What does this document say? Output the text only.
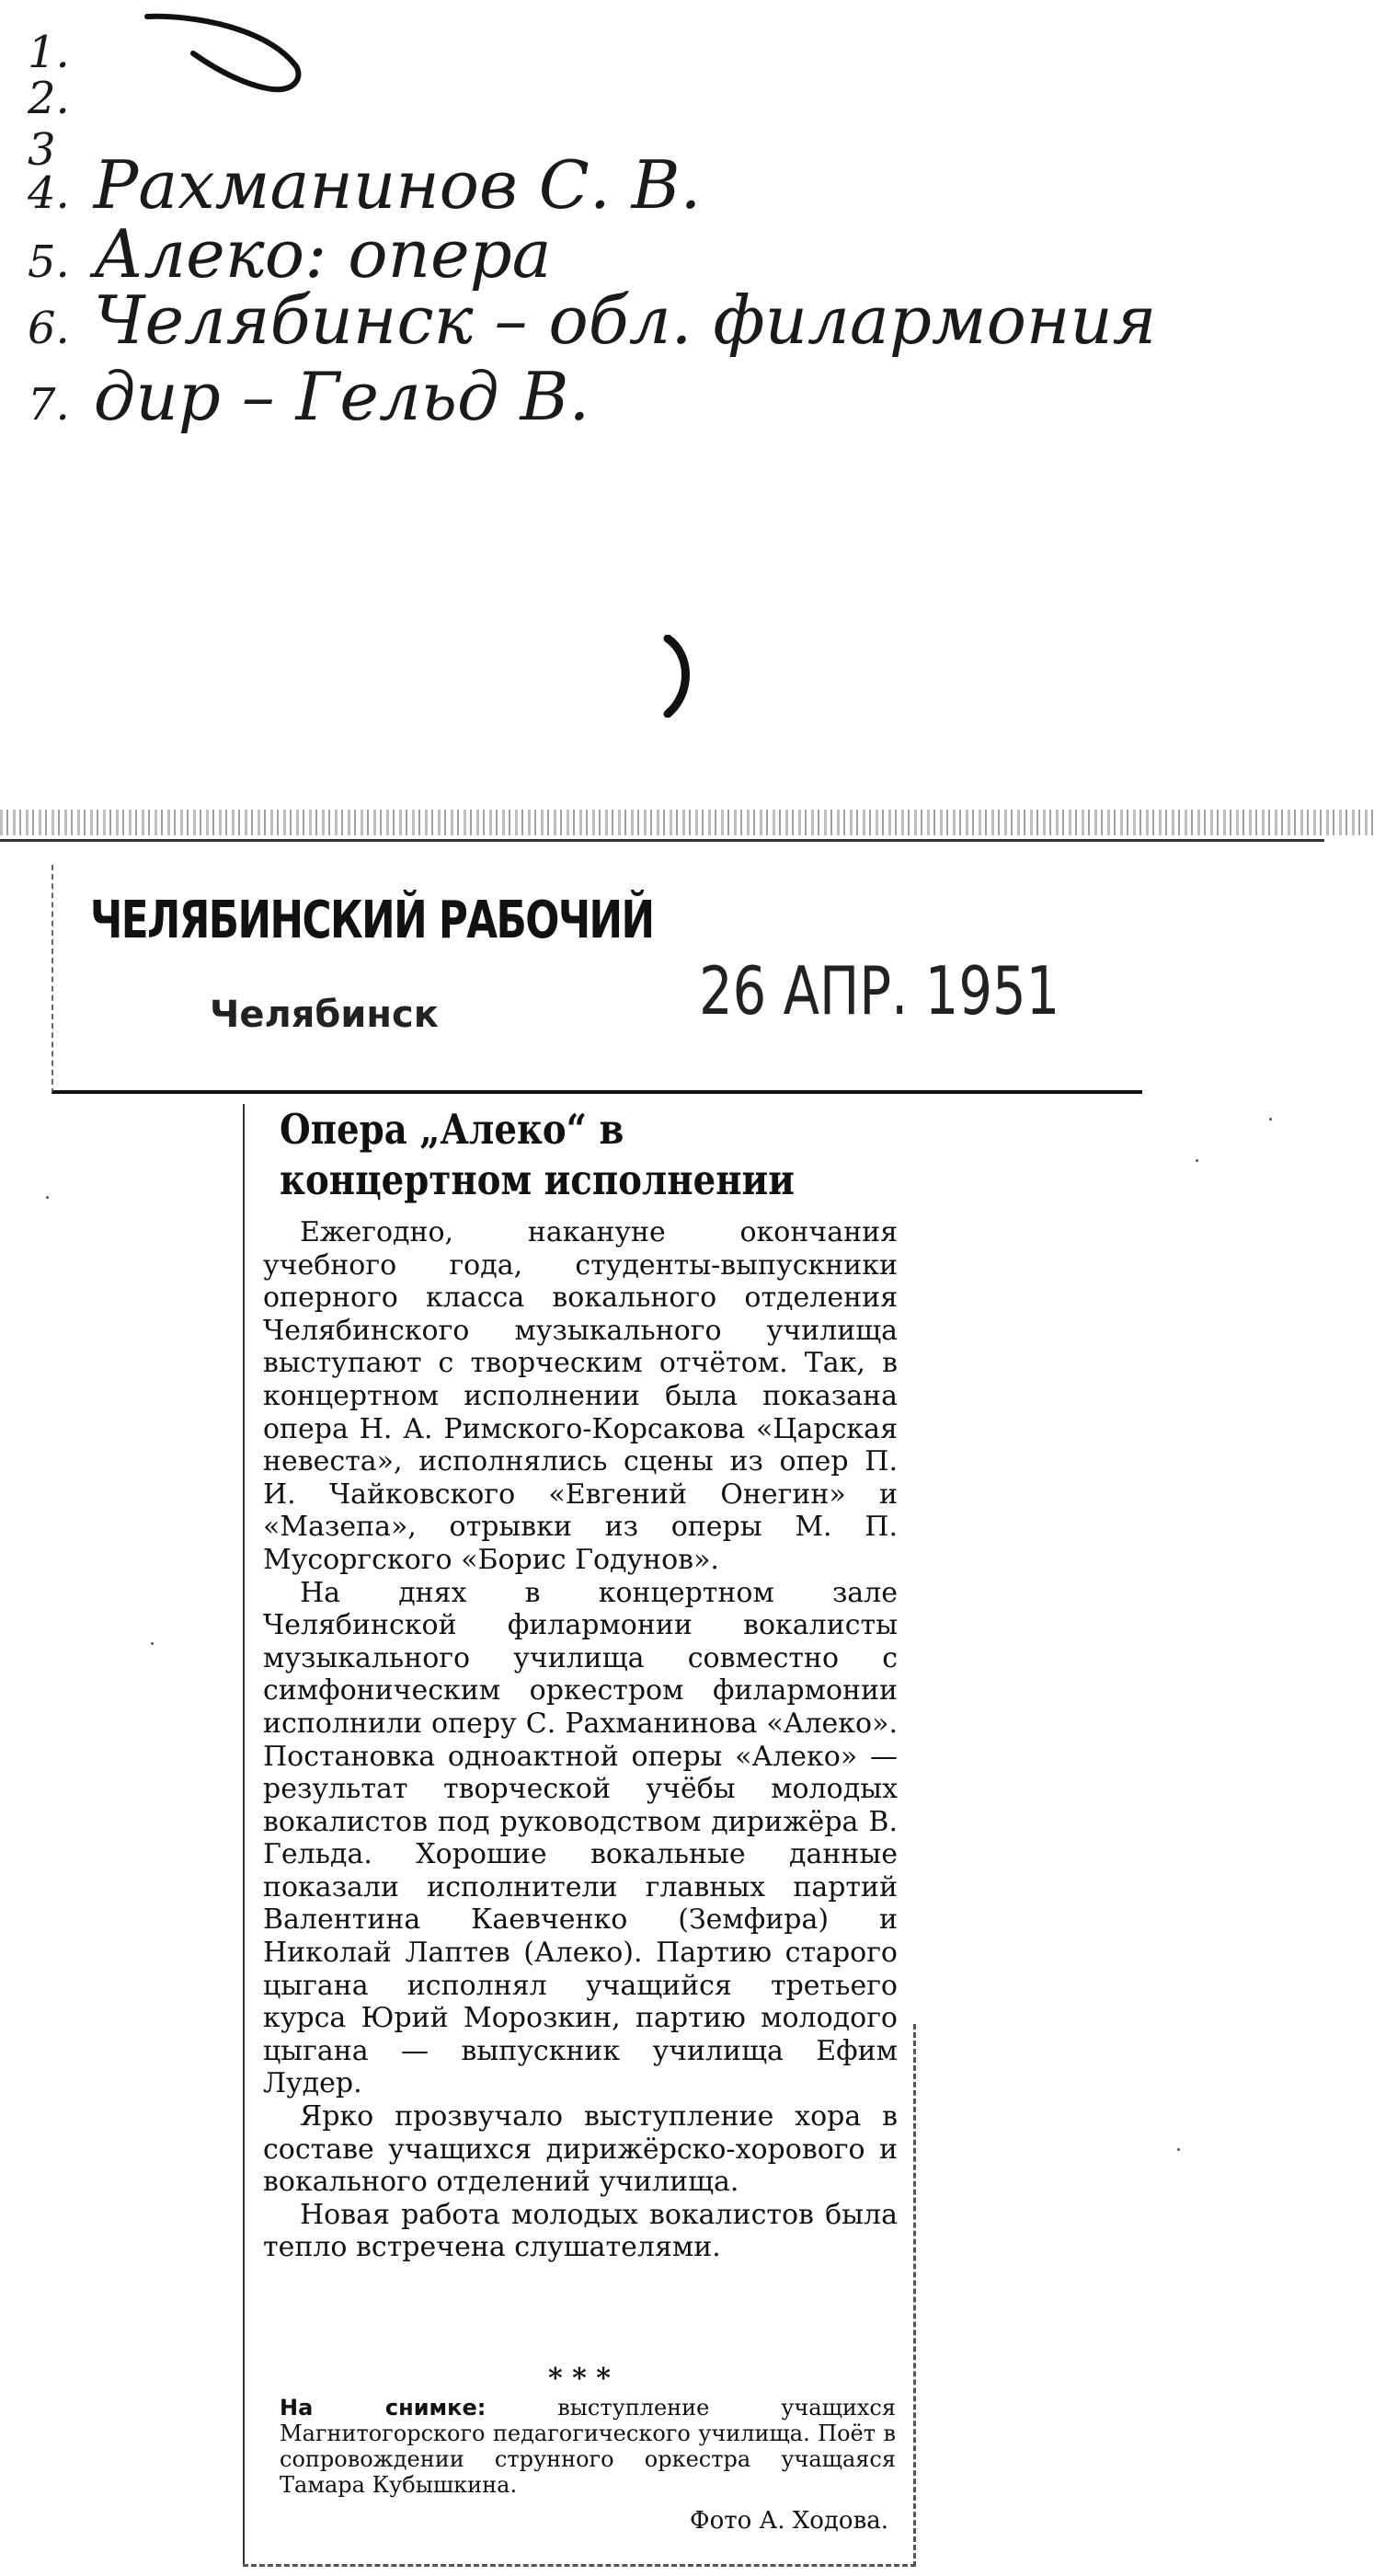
1.
2.
3
4. Рахманинов С. В.
5. Алеко: опера
6. Челябинск – обл. филармония
7. дир – Гельд В.
ЧЕЛЯБИНСКИЙ РАБОЧИЙ
Челябинск	26 АПР. 1951
Опера „Алеко“ в концертном исполнении

Ежегодно, накануне окончания учебного года, студенты-выпускники оперного класса вокального отделения Челябинского музыкального училища выступают с творческим отчётом. Так, в концертном исполнении была показана опера Н. А. Римского-Корсакова «Царская невеста», исполнялись сцены из опер П. И. Чайковского «Евгений Онегин» и «Мазепа», отрывки из оперы М. П. Мусоргского «Борис Годунов».

На днях в концертном зале Челябинской филармонии вокалисты музыкального училища совместно с симфоническим оркестром филармонии исполнили оперу С. Рахманинова «Алеко». Постановка одноактной оперы «Алеко» — результат творческой учёбы молодых вокалистов под руководством дирижёра В. Гельда. Хорошие вокальные данные показали исполнители главных партий Валентина Каевченко (Земфира) и Николай Лаптев (Алеко). Партию старого цыгана исполнял учащийся третьего курса Юрий Морозкин, партию молодого цыгана — выпускник училища Ефим Лудер.

Ярко прозвучало выступление хора в составе учащихся дирижёрско-хорового и вокального отделений училища.

Новая работа молодых вокалистов была тепло встречена слушателями.

* * *

На снимке:	выступление учащихся Магнитогорского педагогического училища. Поёт в сопровождении струнного оркестра учащаяся Тамара Кубышкина.

Фото А. Ходова.
